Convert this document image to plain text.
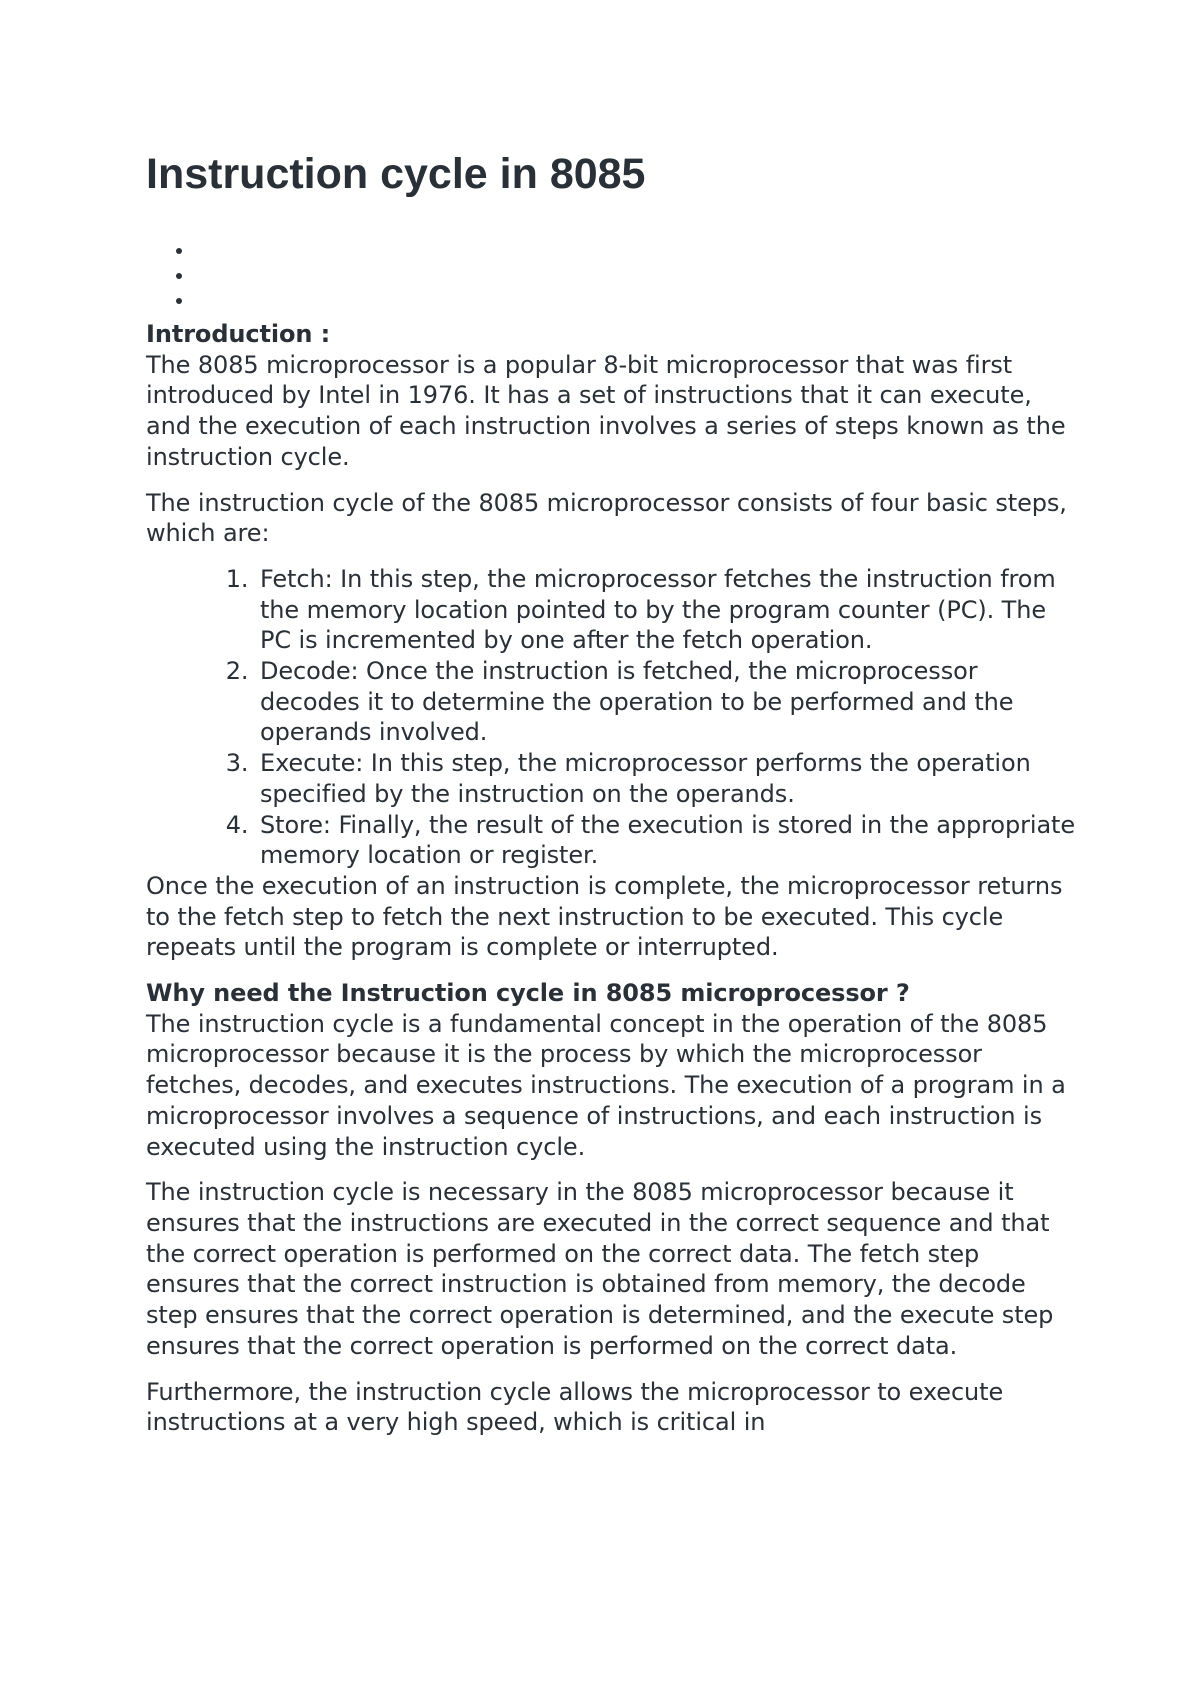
Instruction cycle in 8085
Introduction :

The 8085 microprocessor is a popular 8-bit microprocessor that was first introduced by Intel in 1976. It has a set of instructions that it can execute, and the execution of each instruction involves a series of steps known as the instruction cycle.

The instruction cycle of the 8085 microprocessor consists of four basic steps, which are:

1. Fetch: In this step, the microprocessor fetches the instruction from the memory location pointed to by the program counter (PC). The PC is incremented by one after the fetch operation.
2. Decode: Once the instruction is fetched, the microprocessor decodes it to determine the operation to be performed and the operands involved.
3. Execute: In this step, the microprocessor performs the operation specified by the instruction on the operands.
4. Store: Finally, the result of the execution is stored in the appropriate memory location or register.

Once the execution of an instruction is complete, the microprocessor returns to the fetch step to fetch the next instruction to be executed. This cycle repeats until the program is complete or interrupted.

Why need the Instruction cycle in 8085 microprocessor ?

The instruction cycle is a fundamental concept in the operation of the 8085 microprocessor because it is the process by which the microprocessor fetches, decodes, and executes instructions. The execution of a program in a microprocessor involves a sequence of instructions, and each instruction is executed using the instruction cycle.

The instruction cycle is necessary in the 8085 microprocessor because it ensures that the instructions are executed in the correct sequence and that the correct operation is performed on the correct data. The fetch step ensures that the correct instruction is obtained from memory, the decode step ensures that the correct operation is determined, and the execute step ensures that the correct operation is performed on the correct data.

Furthermore, the instruction cycle allows the microprocessor to execute instructions at a very high speed, which is critical in
